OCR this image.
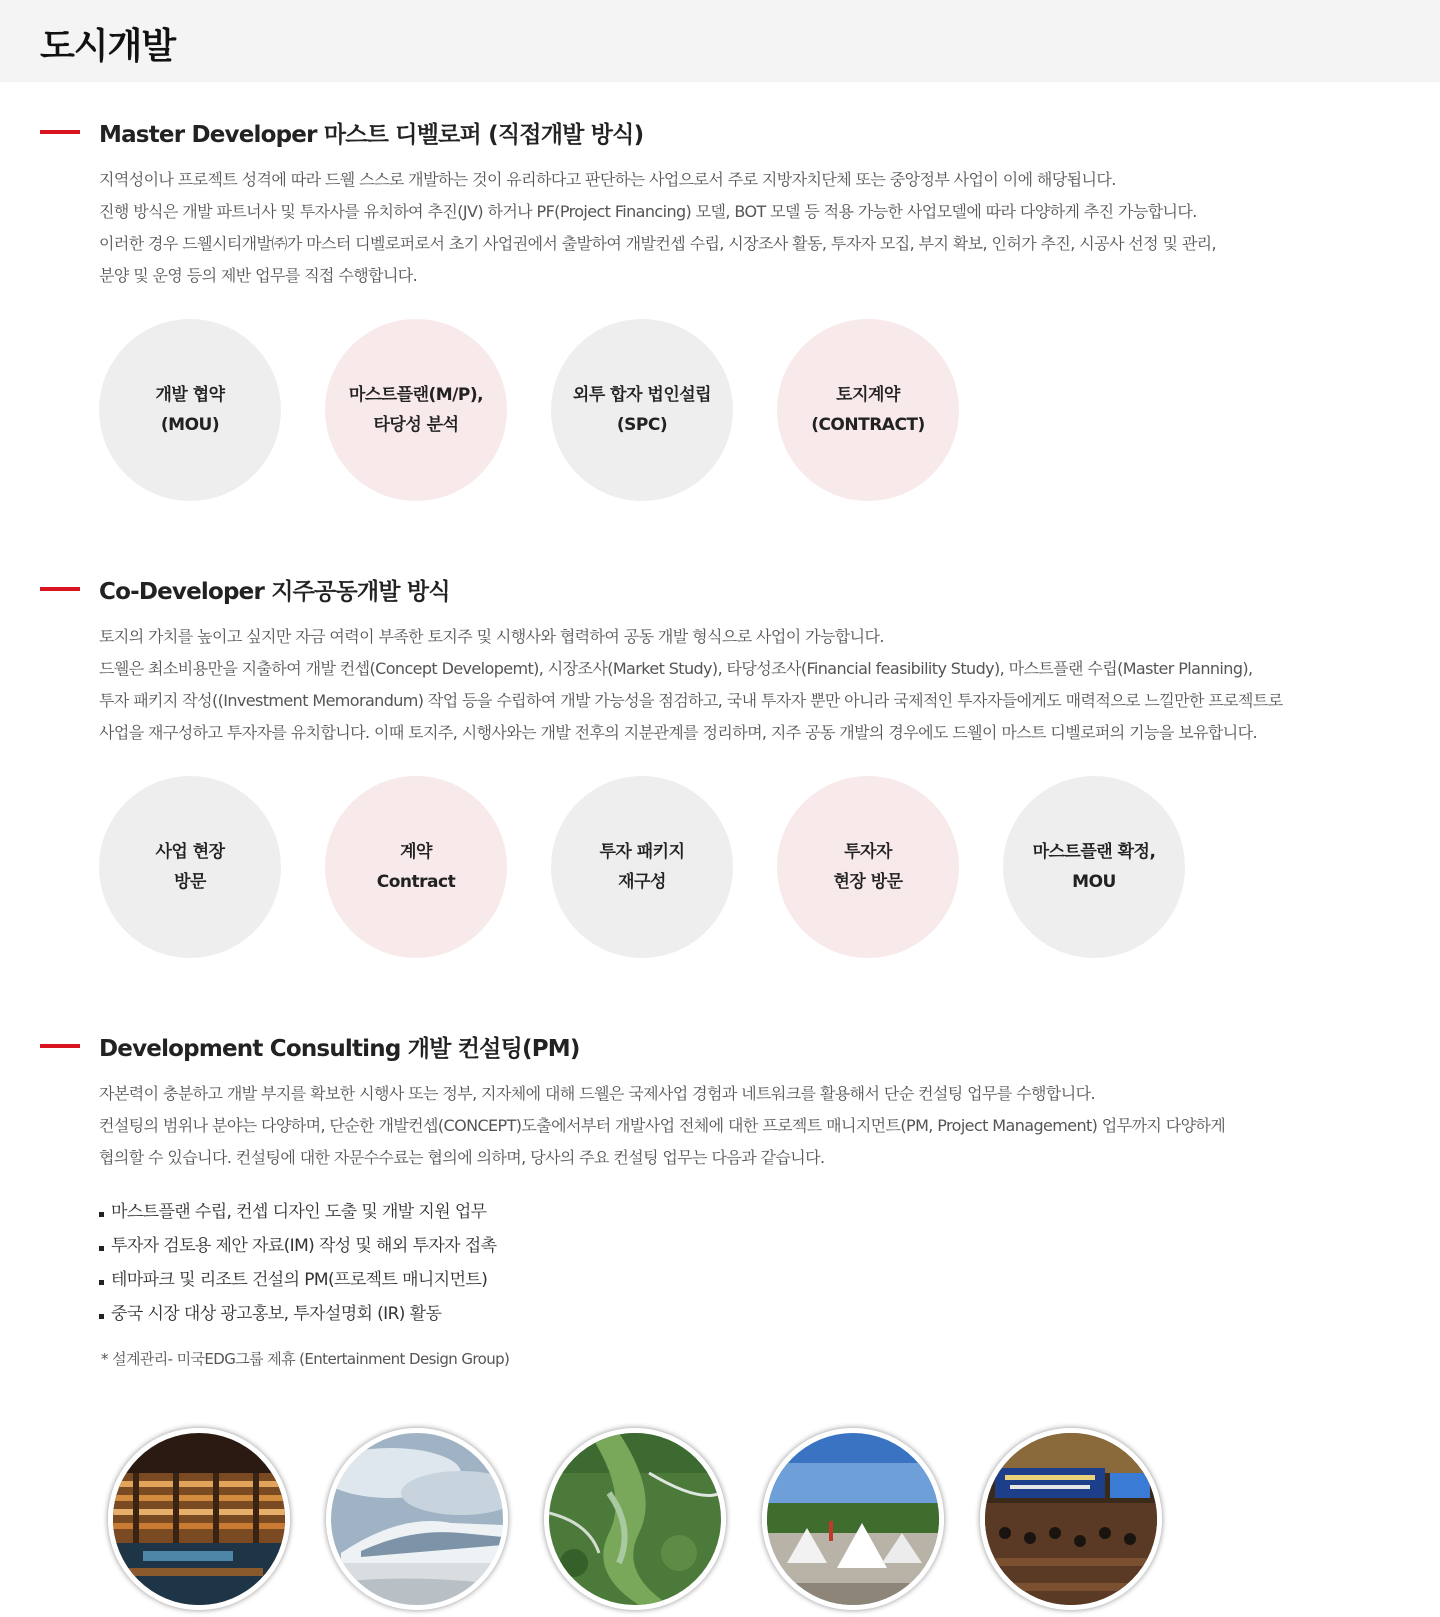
도시개발
Master Developer 마스트 디벨로퍼 (직접개발 방식)

지역성이나 프로젝트 성격에 따라 드웰 스스로 개발하는 것이 유리하다고 판단하는 사업으로서 주로 지방자치단체 또는 중앙정부 사업이 이에 해당됩니다.

진행 방식은 개발 파트너사 및 투자사를 유치하여 추진(JV) 하거나 PF(Project Financing) 모델, BOT 모델 등 적용 가능한 사업모델에 따라 다양하게 추진 가능합니다.

이러한 경우 드웰시티개발㈜가 마스터 디벨로퍼로서 초기 사업권에서 출발하여 개발컨셉 수립, 시장조사 활동, 투자자 모집, 부지 확보, 인허가 추진, 시공사 선정 및 관리,

분양 및 운영 등의 제반 업무를 직접 수행합니다.

개발 협약
(MOU)
마스트플랜(M/P),
타당성 분석
외투 합자 법인설립
(SPC)
토지계약
(CONTRACT)
Co-Developer 지주공동개발 방식

토지의 가치를 높이고 싶지만 자금 여력이 부족한 토지주 및 시행사와 협력하여 공동 개발 형식으로 사업이 가능합니다.

드웰은 최소비용만을 지출하여 개발 컨셉(Concept Developemt), 시장조사(Market Study), 타당성조사(Financial feasibility Study), 마스트플랜 수립(Master Planning),

투자 패키지 작성((Investment Memorandum) 작업 등을 수립하여 개발 가능성을 점검하고, 국내 투자자 뿐만 아니라 국제적인 투자자들에게도 매력적으로 느낄만한 프로젝트로

사업을 재구성하고 투자자를 유치합니다. 이때 토지주, 시행사와는 개발 전후의 지분관계를 정리하며, 지주 공동 개발의 경우에도 드웰이 마스트 디벨로퍼의 기능을 보유합니다.

사업 현장
방문
계약
Contract
투자 패키지
재구성
투자자
현장 방문
마스트플랜 확정,
MOU
Development Consulting 개발 컨설팅(PM)

자본력이 충분하고 개발 부지를 확보한 시행사 또는 정부, 지자체에 대해 드웰은 국제사업 경험과 네트워크를 활용해서 단순 컨설팅 업무를 수행합니다.

컨설팅의 범위나 분야는 다양하며, 단순한 개발컨셉(CONCEPT)도출에서부터 개발사업 전체에 대한 프로젝트 매니지먼트(PM, Project Management) 업무까지 다양하게

협의할 수 있습니다. 컨설팅에 대한 자문수수료는 협의에 의하며, 당사의 주요 컨설팅 업무는 다음과 같습니다.

마스트플랜 수립, 컨셉 디자인 도출 및 개발 지원 업무
투자자 검토용 제안 자료(IM) 작성 및 해외 투자자 접촉
테마파크 및 리조트 건설의 PM(프로젝트 매니지먼트)
중국 시장 대상 광고홍보, 투자설명회 (IR) 활동

* 설계관리- 미국EDG그룹 제휴 (Entertainment Design Group)
